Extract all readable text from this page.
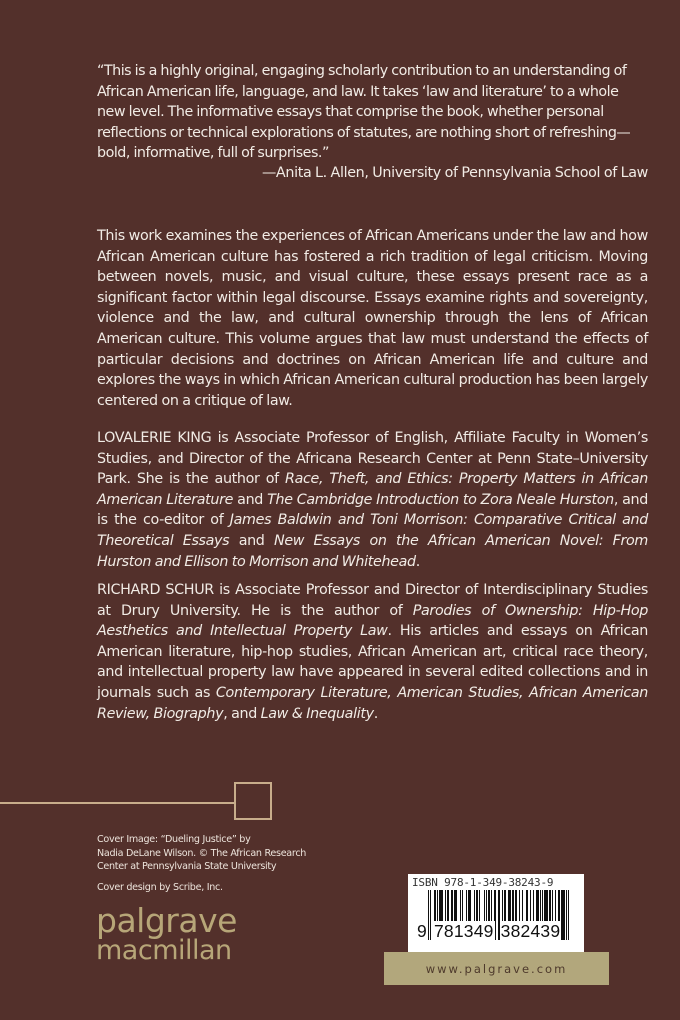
“This is a highly original, engaging scholarly contribution to an understanding of African American life, language, and law. It takes ‘law and literature’ to a whole new level. The informative essays that comprise the book, whether personal reflections or technical explorations of statutes, are nothing short of refreshing—bold, informative, full of surprises.”

—Anita L. Allen, University of Pennsylvania School of Law

This work examines the experiences of African Americans under the law and how African American culture has fostered a rich tradition of legal criticism. Moving between novels, music, and visual culture, these essays present race as a significant factor within legal discourse. Essays examine rights and sovereignty, violence and the law, and cultural ownership through the lens of African American culture. This volume argues that law must understand the effects of particular decisions and doctrines on African American life and culture and explores the ways in which African American cultural production has been largely centered on a critique of law.

LOVALERIE KING is Associate Professor of English, Affiliate Faculty in Women’s Studies, and Director of the Africana Research Center at Penn State–University Park. She is the author of Race, Theft, and Ethics: Property Matters in African American Literature and The Cambridge Introduction to Zora Neale Hurston, and is the co-editor of James Baldwin and Toni Morrison: Comparative Critical and Theoretical Essays and New Essays on the African American Novel: From Hurston and Ellison to Morrison and Whitehead.

RICHARD SCHUR is Associate Professor and Director of Interdisciplinary Studies at Drury University. He is the author of Parodies of Ownership: Hip-Hop Aesthetics and Intellectual Property Law. His articles and essays on African American literature, hip-hop studies, African American art, critical race theory, and intellectual property law have appeared in several edited collections and in journals such as Contemporary Literature, American Studies, African American Review, Biography, and Law & Inequality.

Cover Image: “Dueling Justice” by

Nadia DeLane Wilson. © The African Research

Center at Pennsylvania State University

Cover design by Scribe, Inc.

palgrave
macmillan
ISBN 978-1-349-38243-9
9 781349 382439
www.palgrave.com
